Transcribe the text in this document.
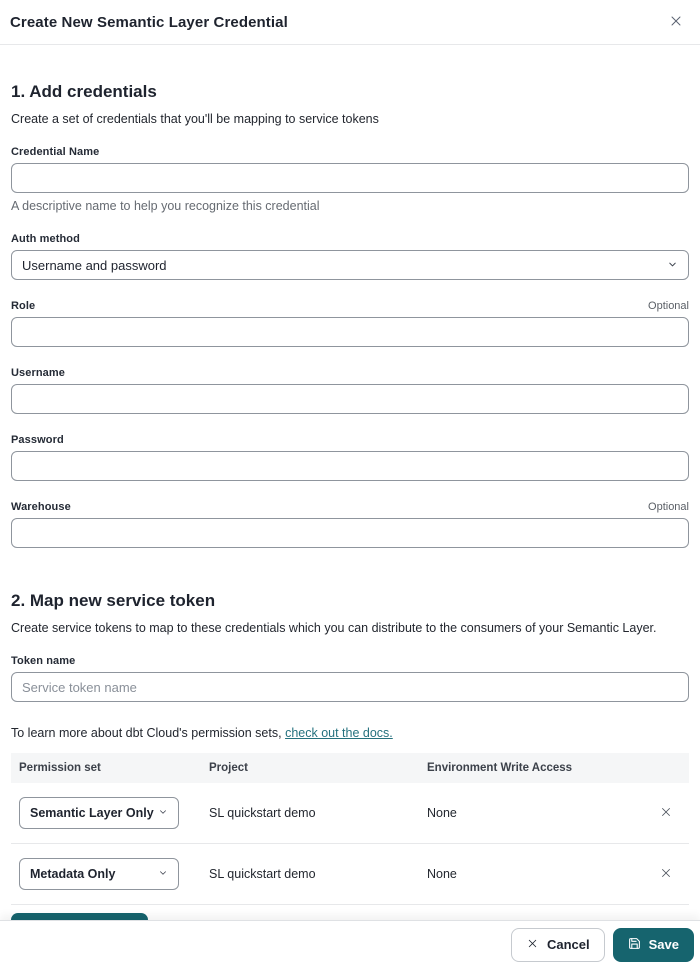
Create New Semantic Layer Credential
1. Add credentials
Create a set of credentials that you'll be mapping to service tokens
Credential Name
A descriptive name to help you recognize this credential
Auth method
Username and password
Role	Optional
Username
Password
Warehouse	Optional
2. Map new service token
Create service tokens to map to these credentials which you can distribute to the consumers of your Semantic Layer.
Token name
Service token name
To learn more about dbt Cloud's permission sets, check out the docs.
Permission set	Project	Environment Write Access
Semantic Layer Only	SL quickstart demo	None
Metadata Only	SL quickstart demo	None
Cancel	Save
